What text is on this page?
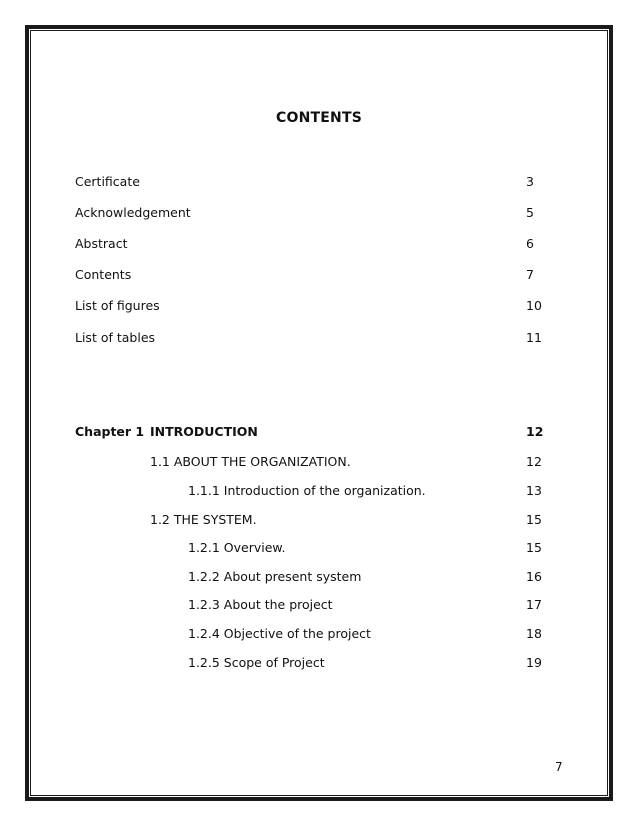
CONTENTS
Certificate	3
Acknowledgement	5
Abstract	6
Contents	7
List of figures	10
List of tables	11
Chapter 1 INTRODUCTION	12
1.1 ABOUT THE ORGANIZATION.	12
1.1.1 Introduction of the organization.	13
1.2 THE SYSTEM.	15
1.2.1 Overview.	15
1.2.2 About present system	16
1.2.3 About the project	17
1.2.4 Objective of the project	18
1.2.5 Scope of Project	19
7
